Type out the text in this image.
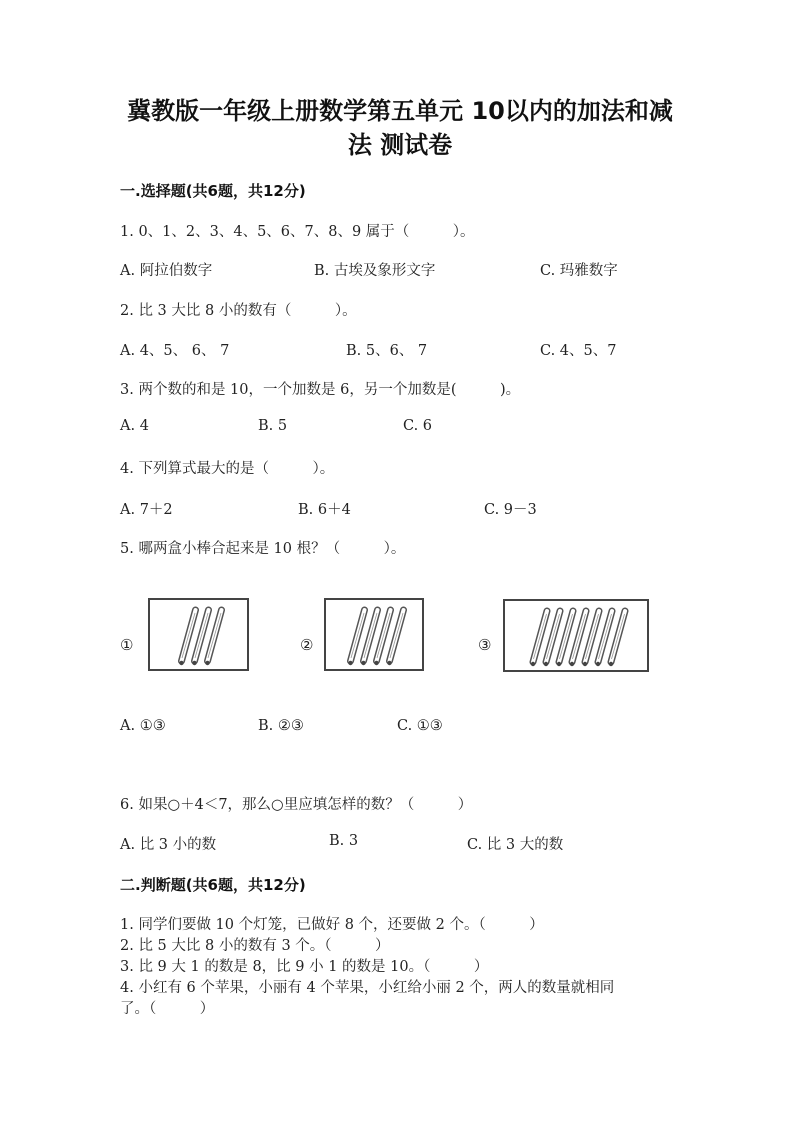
冀教版一年级上册数学第五单元 10以内的加法和减
法 测试卷
一.选择题(共6题，共12分)
1. 0、1、2、3、4、5、6、7、8、9 属于（　　　）。
A. 阿拉伯数字	B. 古埃及象形文字	C. 玛雅数字
2. 比 3 大比 8 小的数有（　　　）。
A. 4、5、 6、 7	B. 5、6、 7	C. 4、5、7
3. 两个数的和是 10，一个加数是 6，另一个加数是(　　　)。
A. 4	B. 5	C. 6
4. 下列算式最大的是（　　　）。
A. 7＋2	B. 6＋4	C. 9－3
5. 哪两盒小棒合起来是 10 根？（　　　）。
①	②	③
A. ①③	B. ②③	C. ①③
6. 如果○＋4＜7，那么○里应填怎样的数？（　　　）
A. 比 3 小的数	B. 3	C. 比 3 大的数
二.判断题(共6题，共12分)
1. 同学们要做 10 个灯笼，已做好 8 个，还要做 2 个。（　　　）
2. 比 5 大比 8 小的数有 3 个。（　　　）
3. 比 9 大 1 的数是 8，比 9 小 1 的数是 10。（　　　）
4. 小红有 6 个苹果，小丽有 4 个苹果，小红给小丽 2 个，两人的数量就相同
了。（　　　）
